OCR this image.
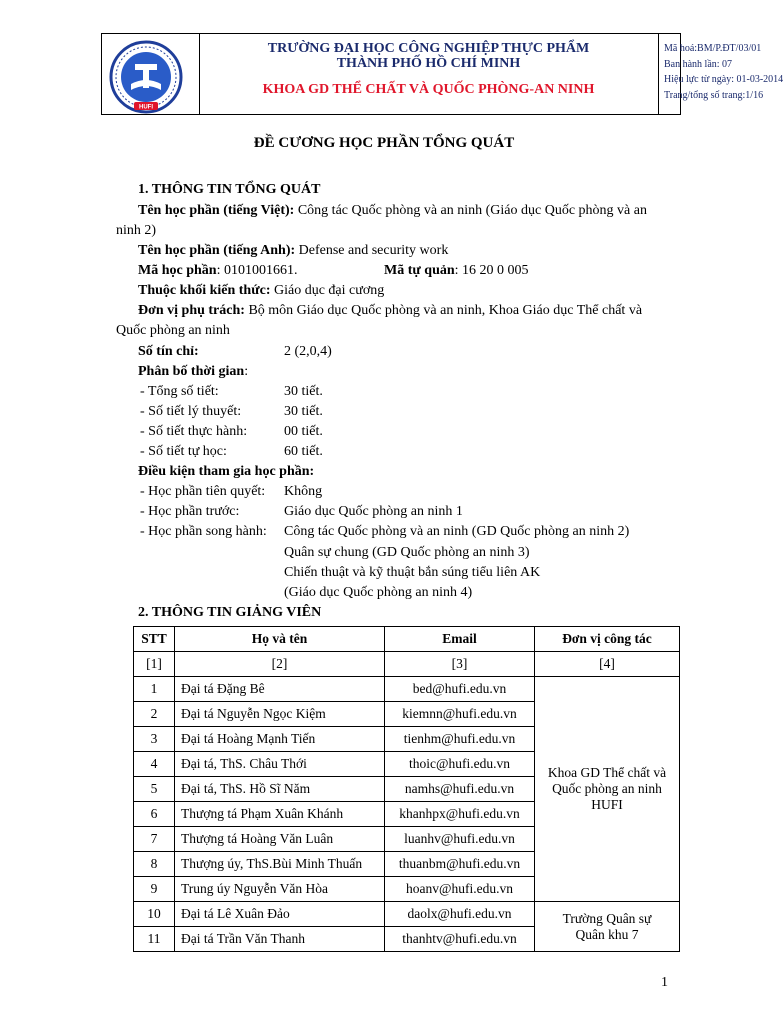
HUFI
TRƯỜNG ĐẠI HỌC CÔNG NGHIỆP THỰC PHẨM
THÀNH PHỐ HỒ CHÍ MINH
KHOA GD THỂ CHẤT VÀ QUỐC PHÒNG-AN NINH
Mã hoá:BM/P.ĐT/03/01
Ban hành lần: 07
Hiệu lực từ ngày: 01-03-2014
Trang/tổng số trang:1/16
ĐỀ CƯƠNG HỌC PHẦN TỔNG QUÁT
1. THÔNG TIN TỔNG QUÁT
Tên học phần (tiếng Việt): Công tác Quốc phòng và an ninh (Giáo dục Quốc phòng và an
ninh 2)
Tên học phần (tiếng Anh): Defense and security work
Mã học phần: 0101001661.	Mã tự quản: 16 20 0 005
Thuộc khối kiến thức: Giáo dục đại cương
Đơn vị phụ trách: Bộ môn Giáo dục Quốc phòng và an ninh, Khoa Giáo dục Thể chất và
Quốc phòng an ninh
Số tín chỉ:	2 (2,0,4)
Phân bố thời gian:
- Tổng số tiết:	30 tiết.
- Số tiết lý thuyết:	30 tiết.
- Số tiết thực hành:	00 tiết.
- Số tiết tự học:	60 tiết.
Điều kiện tham gia học phần:
- Học phần tiên quyết: Không
- Học phần trước:	Giáo dục Quốc phòng an ninh 1
- Học phần song hành: Công tác Quốc phòng và an ninh (GD Quốc phòng an ninh 2)
Quân sự chung (GD Quốc phòng an ninh 3)
Chiến thuật và kỹ thuật bắn súng tiểu liên AK
(Giáo dục Quốc phòng an ninh 4)
2. THÔNG TIN GIẢNG VIÊN
STT	Họ và tên	Email	Đơn vị công tác
[1]	[2]	[3]	[4]
1	Đại tá Đặng Bê	bed@hufi.edu.vn	Khoa GD Thể chất và
Quốc phòng an ninh
HUFI

2	Đại tá Nguyễn Ngọc Kiệm	kiemnn@hufi.edu.vn	
3	Đại tá Hoàng Mạnh Tiến	tienhm@hufi.edu.vn	
4	Đại tá, ThS. Châu Thới	thoic@hufi.edu.vn	
5	Đại tá, ThS. Hồ Sĩ Năm	namhs@hufi.edu.vn	
6	Thượng tá Phạm Xuân Khánh	khanhpx@hufi.edu.vn	
7	Thượng tá Hoàng Văn Luân	luanhv@hufi.edu.vn	
8	Thượng úy, ThS.Bùi Minh Thuấn	thuanbm@hufi.edu.vn	
9	Trung úy Nguyễn Văn Hòa	hoanv@hufi.edu.vn	
10	Đại tá Lê Xuân Đảo	daolx@hufi.edu.vn	Trường Quân sự
Quân khu 7

11	Đại tá Trần Văn Thanh	thanhtv@hufi.edu.vn	
1
